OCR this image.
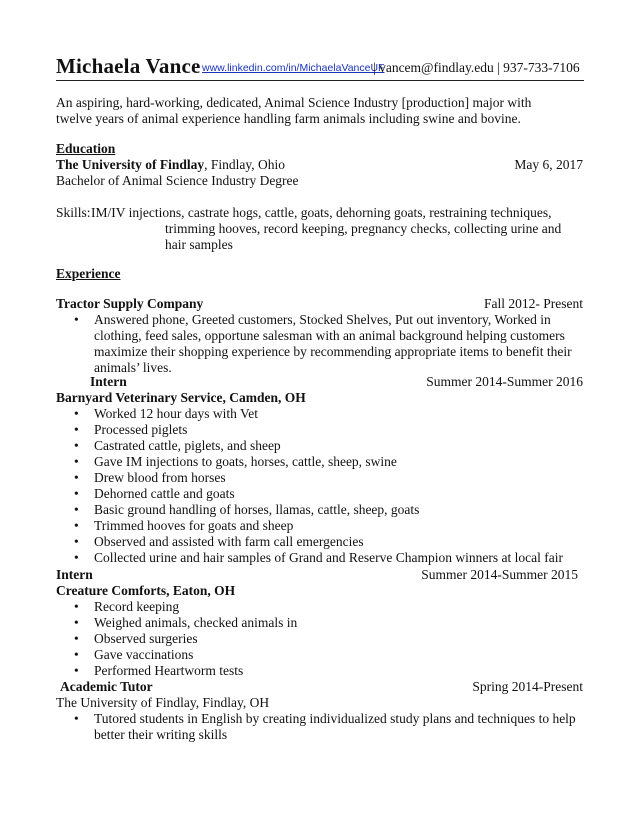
Michaela Vance www.linkedin.com/in/MichaelaVanceUF
| vancem@findlay.edu | 937-733-7106
An aspiring, hard-working, dedicated, Animal Science Industry [production] major with
twelve years of animal experience handling farm animals including swine and bovine.
Education
The University of Findlay, Findlay, Ohio	May 6, 2017
Bachelor of Animal Science Industry Degree
Skills: IM/IV injections, castrate hogs, cattle, goats, dehorning goats, restraining techniques,
trimming hooves, record keeping, pregnancy checks, collecting urine and
hair samples
Experience
Tractor Supply Company	Fall 2012- Present
• Answered phone, Greeted customers, Stocked Shelves, Put out inventory, Worked in clothing, feed sales, opportune salesman with an animal background helping customers maximize their shopping experience by recommending appropriate items to benefit their animals’ lives.
Intern	Summer 2014-Summer 2016
Barnyard Veterinary Service, Camden, OH
• Worked 12 hour days with Vet
• Processed piglets
• Castrated cattle, piglets, and sheep
• Gave IM injections to goats, horses, cattle, sheep, swine
• Drew blood from horses
• Dehorned cattle and goats
• Basic ground handling of horses, llamas, cattle, sheep, goats
• Trimmed hooves for goats and sheep
• Observed and assisted with farm call emergencies
• Collected urine and hair samples of Grand and Reserve Champion winners at local fair
Intern	Summer 2014-Summer 2015
Creature Comforts, Eaton, OH
• Record keeping
• Weighed animals, checked animals in
• Observed surgeries
• Gave vaccinations
• Performed Heartworm tests
Academic Tutor	Spring 2014-Present
The University of Findlay, Findlay, OH
• Tutored students in English by creating individualized study plans and techniques to help better their writing skills
